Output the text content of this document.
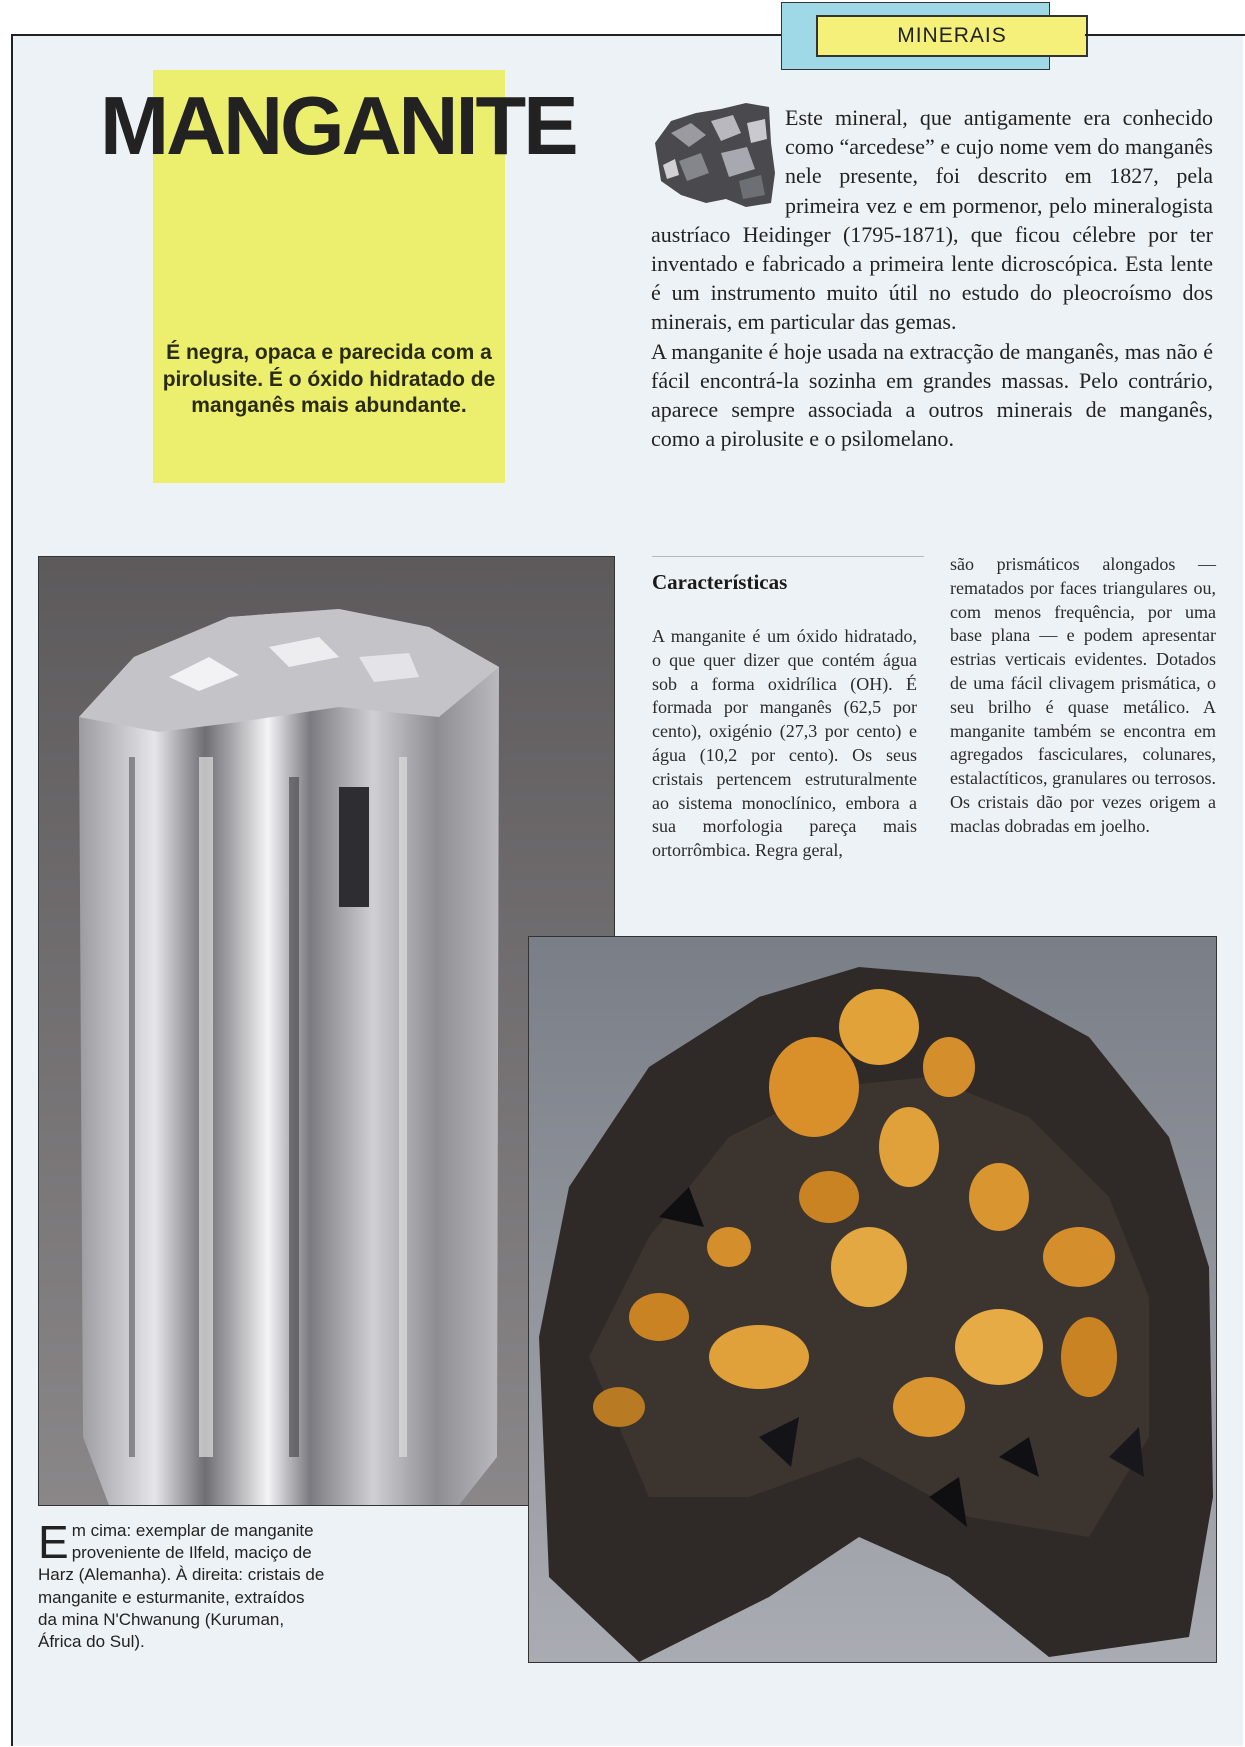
MINERAIS
MANGANITE

É negra, opaca e parecida com a pirolusite. É o óxido hidratado de manganês mais abundante.

Este mineral, que antigamente era conhecido como “arcedese” e cujo nome vem do manganês nele presente, foi descrito em 1827, pela primeira vez e em pormenor, pelo mineralogista austríaco Heidinger (1795-1871), que ficou célebre por ter inventado e fabricado a primeira lente dicroscópica. Esta lente é um instrumento muito útil no estudo do pleocroísmo dos minerais, em particular das gemas.

A manganite é hoje usada na extracção de manganês, mas não é fácil encontrá-la sozinha em grandes massas. Pelo contrário, aparece sempre associada a outros minerais de manganês, como a pirolusite e o psilomelano.

Características

A manganite é um óxido hidratado, o que quer dizer que contém água sob a forma oxidrílica (OH). É formada por manganês (62,5 por cento), oxigénio (27,3 por cento) e água (10,2 por cento). Os seus cristais pertencem estruturalmente ao sistema monoclínico, embora a sua morfologia pareça mais ortorrômbica. Regra geral,

são prismáticos alongados — rematados por faces triangulares ou, com menos frequência, por uma base plana — e podem apresentar estrias verticais evidentes. Dotados de uma fácil clivagem prismática, o seu brilho é quase metálico. A manganite também se encontra em agregados fasciculares, colunares, estalactíticos, granulares ou terrosos. Os cristais dão por vezes origem a maclas dobradas em joelho.

Em cima: exemplar de manganite proveniente de Ilfeld, maciço de Harz (Alemanha). À direita: cristais de manganite e esturmanite, extraídos da mina N'Chwanung (Kuruman, África do Sul).
